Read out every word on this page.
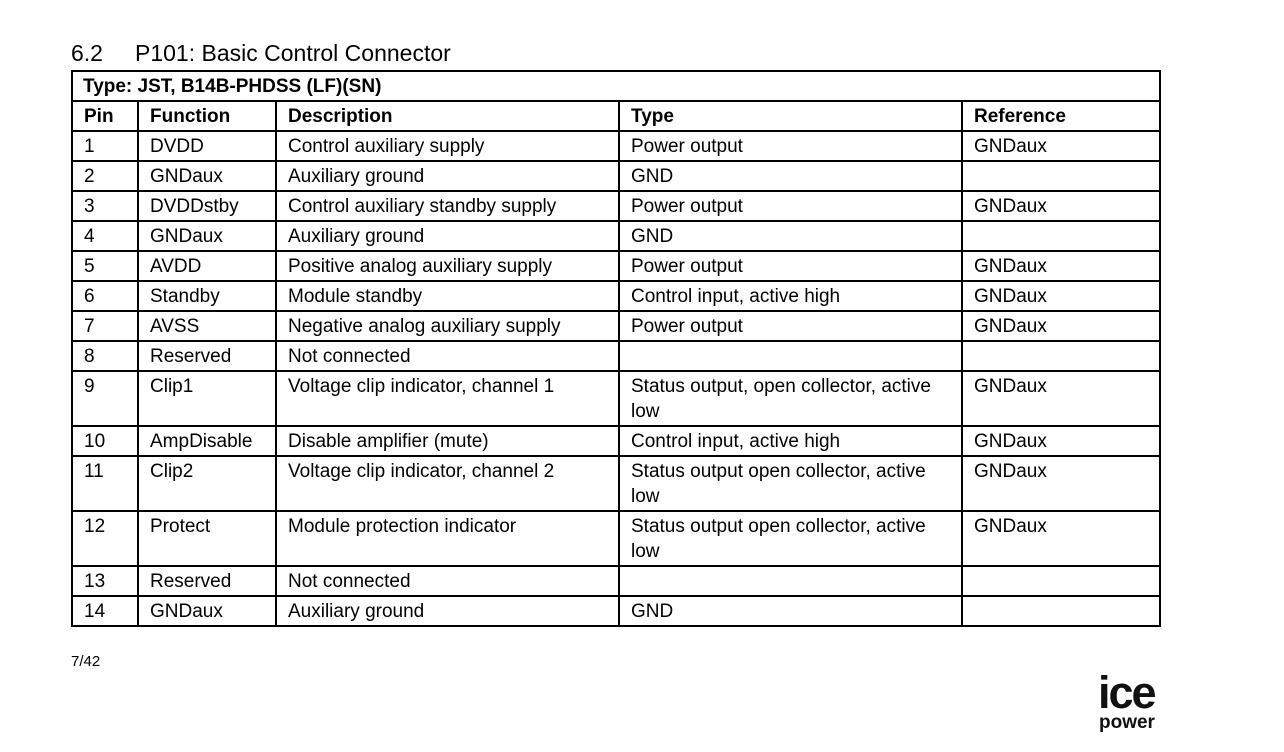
6.2 P101: Basic Control Connector
Type: JST, B14B-PHDSS (LF)(SN)				
Pin	Function	Description	Type	Reference
1	DVDD	Control auxiliary supply	Power output	GNDaux
2	GNDaux	Auxiliary ground	GND	
3	DVDDstby	Control auxiliary standby supply	Power output	GNDaux
4	GNDaux	Auxiliary ground	GND	
5	AVDD	Positive analog auxiliary supply	Power output	GNDaux
6	Standby	Module standby	Control input, active high	GNDaux
7	AVSS	Negative analog auxiliary supply	Power output	GNDaux
8	Reserved	Not connected		
9	Clip1	Voltage clip indicator, channel 1	Status output, open collector, active low	GNDaux
10	AmpDisable	Disable amplifier (mute)	Control input, active high	GNDaux
11	Clip2	Voltage clip indicator, channel 2	Status output open collector, active low	GNDaux
12	Protect	Module protection indicator	Status output open collector, active low	GNDaux
13	Reserved	Not connected		
14	GNDaux	Auxiliary ground	GND	
7/42
ice
power
